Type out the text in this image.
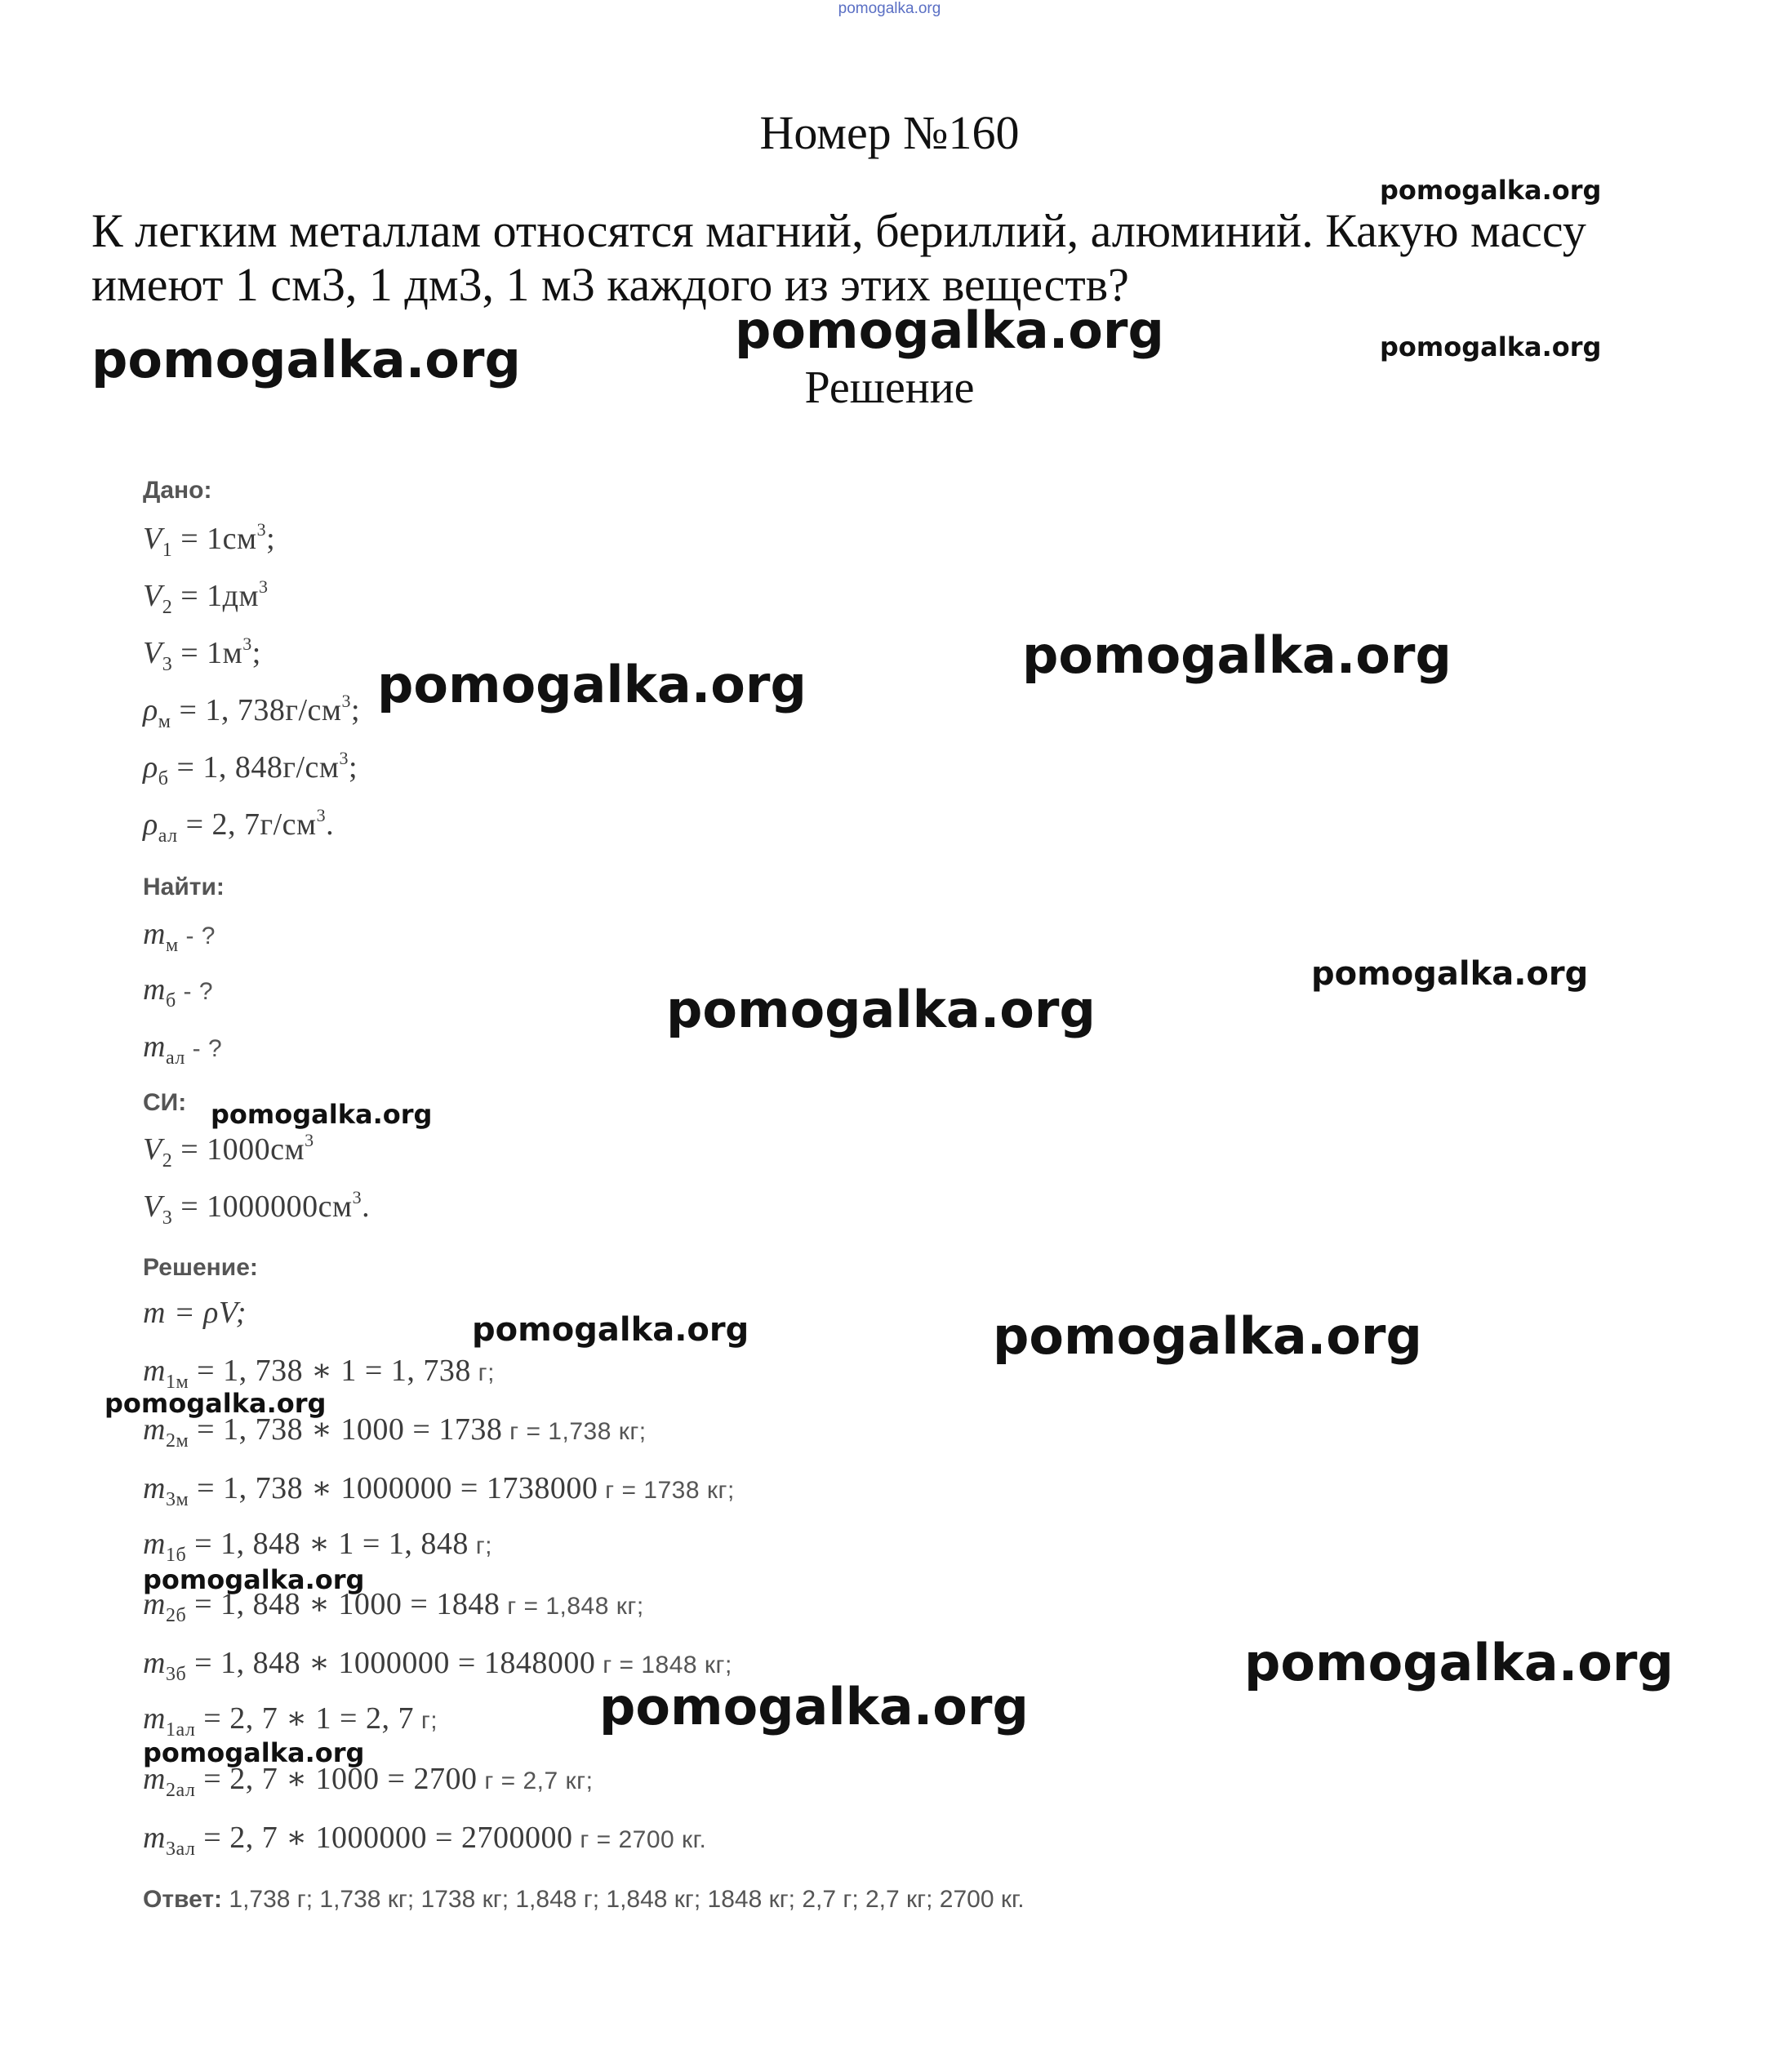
pomogalka.org
Номер №160
К легким металлам относятся магний, бериллий, алюминий. Какую массу
имеют 1 см3, 1 дм3, 1 м3 каждого из этих веществ?
Решение
Дано:
$V_1 = 1см^3$;
$V_2 = 1дм^3$
$V_3 = 1м^3$;
$\rho_м = 1$, $738г/см^3$;
$\rho_б = 1$, $848г/см^3$;
$\rho_{ал} = 2$, $7г/см^3$.
Найти:
$m_м$ - ?
$m_б$ - ?
$m_{ал}$ - ?
СИ:
$V_2 = 1000см^3$
$V_3 = 1000000см^3$.
Решение:
m = ρV;
$m_{1м} = 1$, 738 ∗ 1 = 1, 738 г;
$m_{2м} = 1$, 738 ∗ 1000 = 1738 г = 1,738 кг;
$m_{3м} = 1$, 738 ∗ 1000000 = 1738000 г = 1738 кг;
$m_{1б} = 1$, 848 ∗ 1 = 1, 848 г;
$m_{2б} = 1$, 848 ∗ 1000 = 1848 г = 1,848 кг;
$m_{3б} = 1$, 848 ∗ 1000000 = 1848000 г = 1848 кг;
$m_{1ал} = 2$, 7 ∗ 1 = 2, 7 г;
$m_{2ал} = 2$, 7 ∗ 1000 = 2700 г = 2,7 кг;
$m_{3ал} = 2$, 7 ∗ 1000000 = 2700000 г = 2700 кг.
Ответ: 1,738 г; 1,738 кг; 1738 кг; 1,848 г; 1,848 кг; 1848 кг; 2,7 г; 2,7 кг; 2700 кг.
pomogalka.org
pomogalka.org	pomogalka.org	pomogalka.org
pomogalka.org
pomogalka.org
pomogalka.org
pomogalka.org
pomogalka.org
pomogalka.org	pomogalka.org
pomogalka.org
pomogalka.org
pomogalka.org
pomogalka.org
pomogalka.org
